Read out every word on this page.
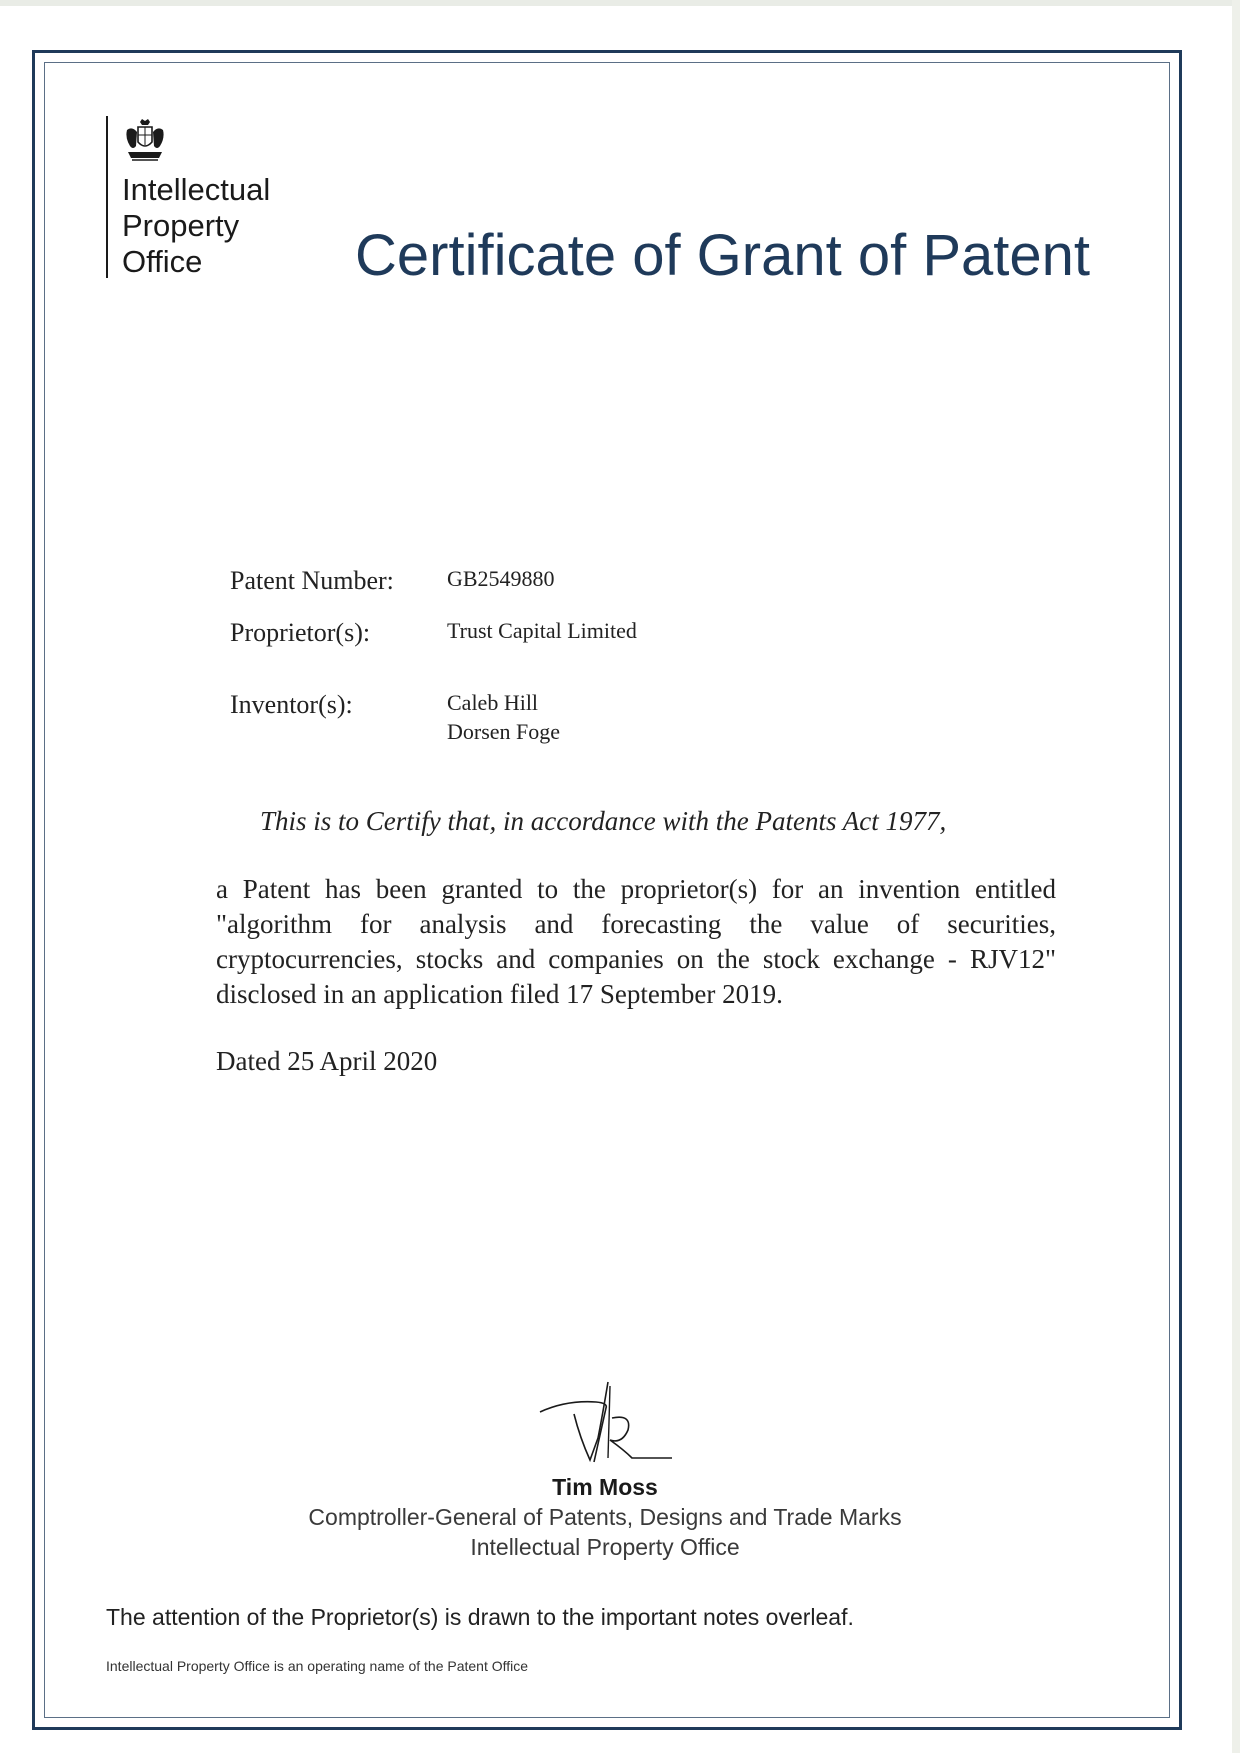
Intellectual
Property
Office	Certificate of Grant of Patent
Patent Number: GB2549880
Proprietor(s):	Trust Capital Limited
Inventor(s):	Caleb Hill
Dorsen Foge
This is to Certify that, in accordance with the Patents Act 1977,
a Patent has been granted to the proprietor(s) for an invention entitled
"algorithm for analysis and forecasting the value of securities,
cryptocurrencies, stocks and companies on the stock exchange - RJV12"
disclosed in an application filed 17 September 2019.
Dated 25 April 2020
Tim Moss
Comptroller-General of Patents, Designs and Trade Marks
Intellectual Property Office
The attention of the Proprietor(s) is drawn to the important notes overleaf.
Intellectual Property Office is an operating name of the Patent Office
